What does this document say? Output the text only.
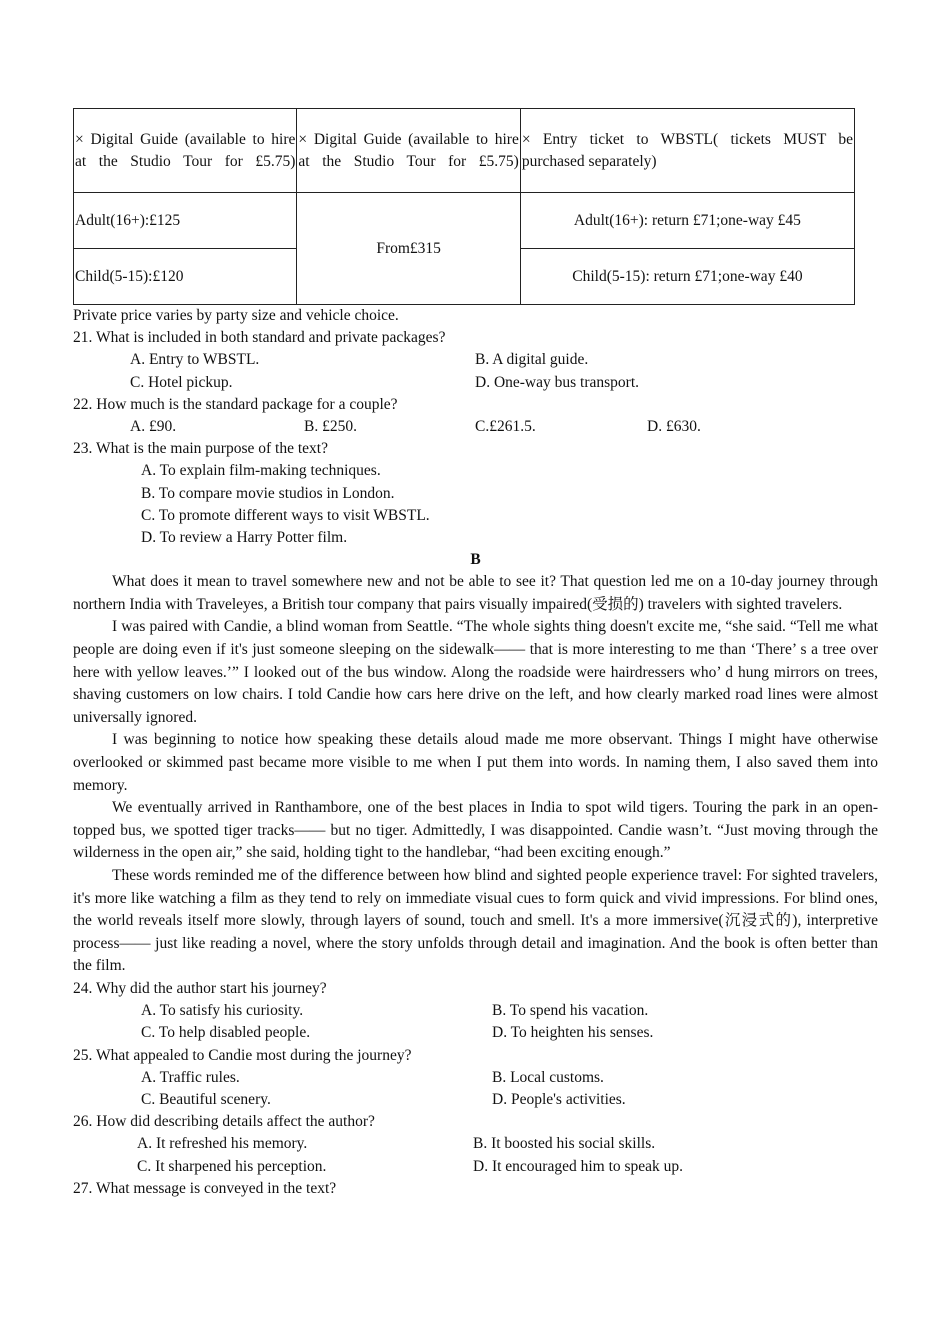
× Digital Guide (available to hire at the Studio Tour for £5.75)	× Digital Guide (available to hire at the Studio Tour for £5.75)	× Entry ticket to WBSTL( tickets MUST be purchased separately)

Adult(16+):£125	From£315	Adult(16+): return £71;one-way £45
Child(5-15):£120		Child(5-15): return £71;one-way £40
Private price varies by party size and vehicle choice.
21. What is included in both standard and private packages?
A. Entry to WBSTL.	B. A digital guide.

C. Hotel pickup.	D. One-way bus transport.

22. How much is the standard package for a couple?
A. £90.	B. £250.	C.£261.5.	D. £630.

23. What is the main purpose of the text?
A. To explain film-making techniques.
B. To compare movie studios in London.
C. To promote different ways to visit WBSTL.
D. To review a Harry Potter film.
B

What does it mean to travel somewhere new and not be able to see it? That question led me on a 10-day journey through northern India with Traveleyes, a British tour company that pairs visually impaired(受损的) travelers with sighted travelers.

I was paired with Candie, a blind woman from Seattle. “The whole sights thing doesn't excite me, “she said. “Tell me what people are doing even if it's just someone sleeping on the sidewalk—— that is more interesting to me than ‘There’ s a tree over here with yellow leaves.’” I looked out of the bus window. Along the roadside were hairdressers who’ d hung mirrors on trees, shaving customers on low chairs. I told Candie how cars here drive on the left, and how clearly marked road lines were almost universally ignored.

I was beginning to notice how speaking these details aloud made me more observant. Things I might have otherwise overlooked or skimmed past became more visible to me when I put them into words. In naming them, I also saved them into memory.

We eventually arrived in Ranthambore, one of the best places in India to spot wild tigers. Touring the park in an open-topped bus, we spotted tiger tracks—— but no tiger. Admittedly, I was disappointed. Candie wasn’t. “Just moving through the wilderness in the open air,” she said, holding tight to the handlebar, “had been exciting enough.”

These words reminded me of the difference between how blind and sighted people experience travel: For sighted travelers, it's more like watching a film as they tend to rely on immediate visual cues to form quick and vivid impressions. For blind ones, the world reveals itself more slowly, through layers of sound, touch and smell. It's a more immersive(沉浸式的), interpretive process—— just like reading a novel, where the story unfolds through detail and imagination. And the book is often better than the film.

24. Why did the author start his journey?
A. To satisfy his curiosity.	B. To spend his vacation.

C. To help disabled people.	D. To heighten his senses.

25. What appealed to Candie most during the journey?
A. Traffic rules.	B. Local customs.

C. Beautiful scenery.	D. People's activities.

26. How did describing details affect the author?
A. It refreshed his memory.	B. It boosted his social skills.

C. It sharpened his perception.	D. It encouraged him to speak up.

27. What message is conveyed in the text?
